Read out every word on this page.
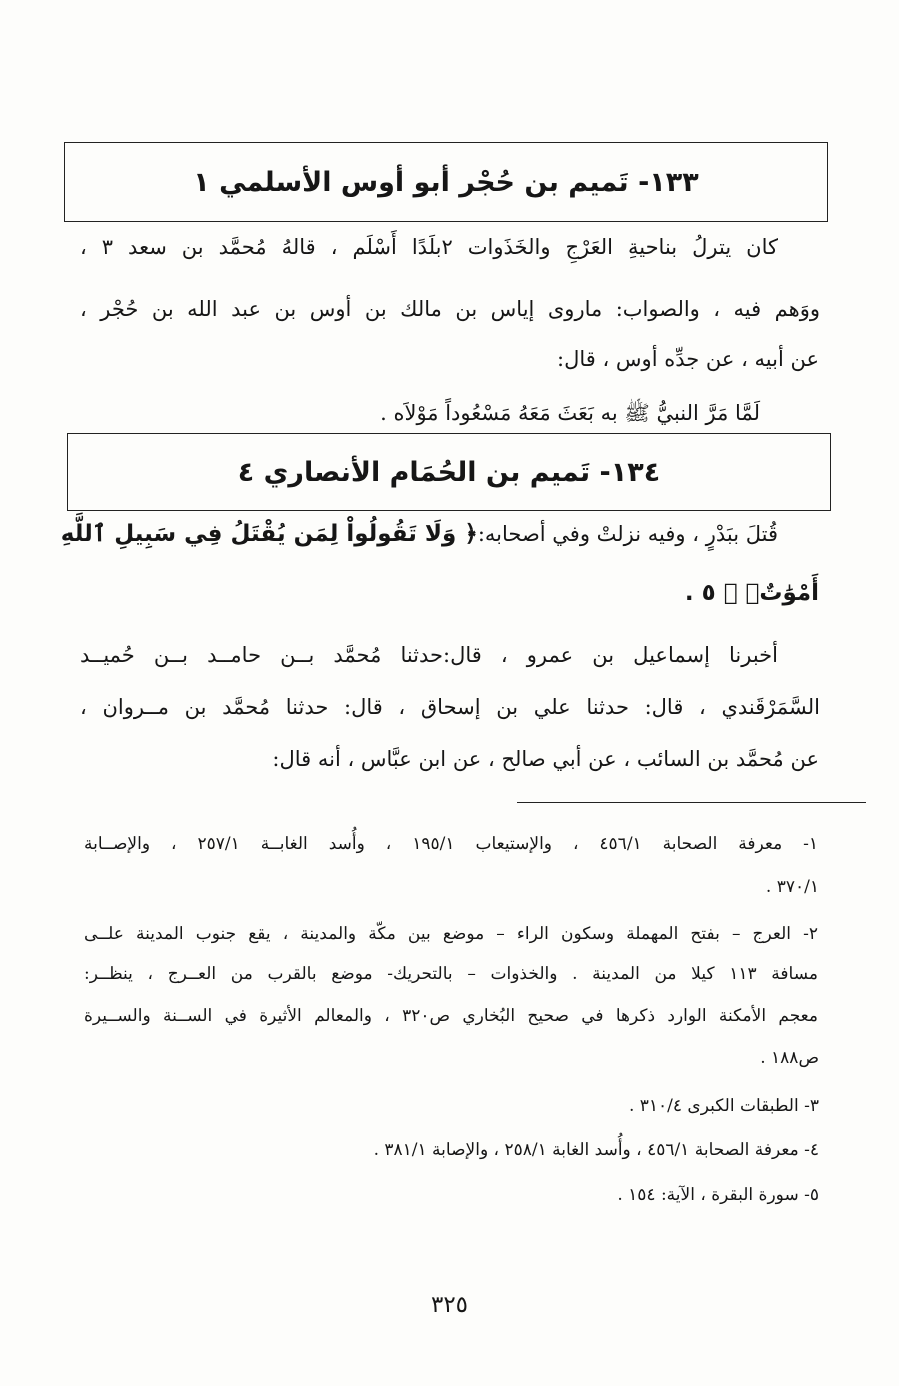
١٣٣- تَميم بن حُجْر أبو أوس الأسلمي ١
كان يترلُ بناحيةِ العَرْجِ والخَذَوات ٢بلَدًا أَسْلَم ، قالهُ مُحمَّد بن سعد ٣ ،
ووَهم فيه ، والصواب: ماروى إياس بن مالك بن أوس بن عبد الله بن حُجْر ،
عن أبيه ، عن جدِّه أوس ، قال:
لَمَّا مَرَّ النبيُّ ﷺ به بَعَثَ مَعَهُ مَسْعُوداً مَوْلاَه .
١٣٤- تَميم بن الحُمَام الأنصاري ٤
قُتلَ ببَدْرٍ ، وفيه نزلتْ وفي أصحابه:
﴿ وَلَا تَقُولُواْ لِمَن يُقْتَلُ فِي سَبِيلِ ٱللَّهِ
أَمْوَٰتٌۚ ﴾ ٥ .
أخبرنا إسماعيل بن عمرو ، قال:حدثنا مُحمَّد بــن حامــد بــن حُميــد
السَّمَرْقَندي ، قال: حدثنا علي بن إسحاق ، قال: حدثنا مُحمَّد بن مــروان ،
عن مُحمَّد بن السائب ، عن أبي صالح ، عن ابن عبَّاس ، أنه قال:
١- معرفة الصحابة ٤٥٦/١ ، والإستيعاب ١٩٥/١ ، وأُسد الغابــة ٢٥٧/١ ، والإصــابة
٣٧٠/١ .
٢- العرج – بفتح المهملة وسكون الراء – موضع بين مكّة والمدينة ، يقع جنوب المدينة علــى
مسافة ١١٣ كيلا من المدينة . والخذوات – بالتحريك- موضع بالقرب من العــرج ، ينظــر:
معجم الأمكنة الوارد ذكرها في صحيح البُخاري ص٣٢٠ ، والمعالم الأثيرة في الســنة والســيرة
ص١٨٨ .
٣- الطبقات الكبرى ٣١٠/٤ .
٤- معرفة الصحابة ٤٥٦/١ ، وأُسد الغابة ٢٥٨/١ ، والإصابة ٣٨١/١ .
٥- سورة البقرة ، الآية: ١٥٤ .
٣٢٥
